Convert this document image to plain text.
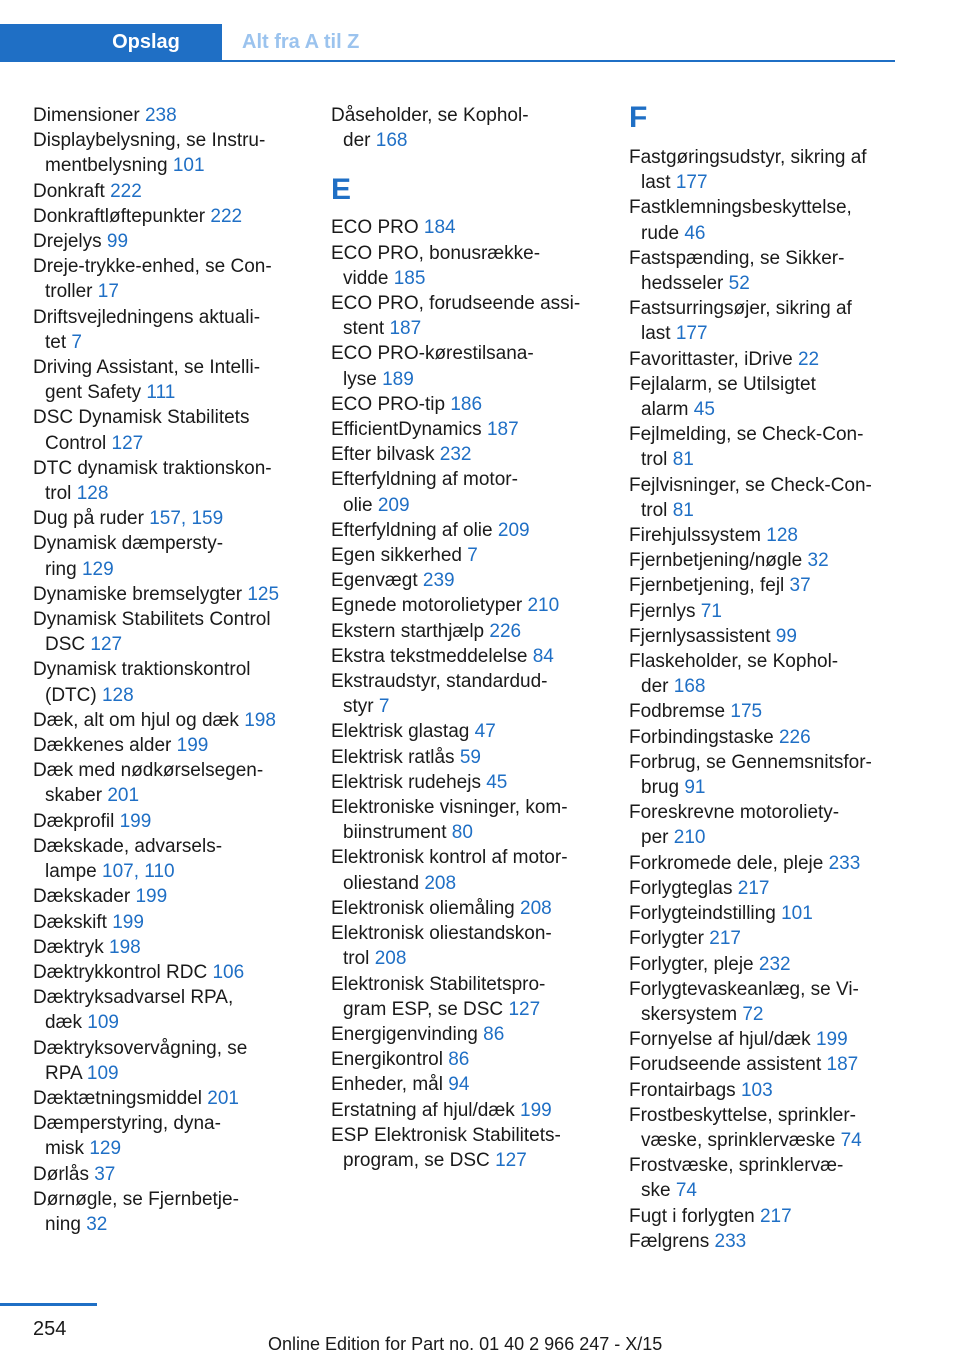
Opslag	Alt fra A til Z
Dimensioner 238
Displaybelysning, se Instru-
mentbelysning 101
Donkraft 222
Donkraftløftepunkter 222
Drejelys 99
Dreje-trykke-enhed, se Con-
troller 17
Driftsvejledningens aktuali-
tet 7
Driving Assistant, se Intelli-
gent Safety 111
DSC Dynamisk Stabilitets
Control 127
DTC dynamisk traktionskon-
trol 128
Dug på ruder 157, 159
Dynamisk dæmpersty-
ring 129
Dynamiske bremselygter 125
Dynamisk Stabilitets Control
DSC 127
Dynamisk traktionskontrol
(DTC) 128
Dæk, alt om hjul og dæk 198
Dækkenes alder 199
Dæk med nødkørselsegen-
skaber 201
Dækprofil 199
Dækskade, advarsels-
lampe 107, 110
Dækskader 199
Dækskift 199
Dæktryk 198
Dæktrykkontrol RDC 106
Dæktryksadvarsel RPA,
dæk 109
Dæktryksovervågning, se
RPA 109
Dæktætningsmiddel 201
Dæmperstyring, dyna-
misk 129
Dørlås 37
Dørnøgle, se Fjernbetje-
ning 32
Dåseholder, se Kophol-
der 168
E
ECO PRO 184
ECO PRO, bonusrække-
vidde 185
ECO PRO, forudseende assi-
stent 187
ECO PRO-kørestilsana-
lyse 189
ECO PRO-tip 186
EfficientDynamics 187
Efter bilvask 232
Efterfyldning af motor-
olie 209
Efterfyldning af olie 209
Egen sikkerhed 7
Egenvægt 239
Egnede motorolietyper 210
Ekstern starthjælp 226
Ekstra tekstmeddelelse 84
Ekstraudstyr, standardud-
styr 7
Elektrisk glastag 47
Elektrisk ratlås 59
Elektrisk rudehejs 45
Elektroniske visninger, kom-
biinstrument 80
Elektronisk kontrol af motor-
oliestand 208
Elektronisk oliemåling 208
Elektronisk oliestandskon-
trol 208
Elektronisk Stabilitetspro-
gram ESP, se DSC 127
Energigenvinding 86
Energikontrol 86
Enheder, mål 94
Erstatning af hjul/dæk 199
ESP Elektronisk Stabilitets-
program, se DSC 127
F
Fastgøringsudstyr, sikring af
last 177
Fastklemningsbeskyttelse,
rude 46
Fastspænding, se Sikker-
hedsseler 52
Fastsurringsøjer, sikring af
last 177
Favorittaster, iDrive 22
Fejlalarm, se Utilsigtet
alarm 45
Fejlmelding, se Check-Con-
trol 81
Fejlvisninger, se Check-Con-
trol 81
Firehjulssystem 128
Fjernbetjening/nøgle 32
Fjernbetjening, fejl 37
Fjernlys 71
Fjernlysassistent 99
Flaskeholder, se Kophol-
der 168
Fodbremse 175
Forbindingstaske 226
Forbrug, se Gennemsnitsfor-
brug 91
Foreskrevne motoroliety-
per 210
Forkromede dele, pleje 233
Forlygteglas 217
Forlygteindstilling 101
Forlygter 217
Forlygter, pleje 232
Forlygtevaskeanlæg, se Vi-
skersystem 72
Fornyelse af hjul/dæk 199
Forudseende assistent 187
Frontairbags 103
Frostbeskyttelse, sprinkler-
væske, sprinklervæske 74
Frostvæske, sprinklervæ-
ske 74
Fugt i forlygten 217
Fælgrens 233
254
Online Edition for Part no. 01 40 2 966 247 - X/15
